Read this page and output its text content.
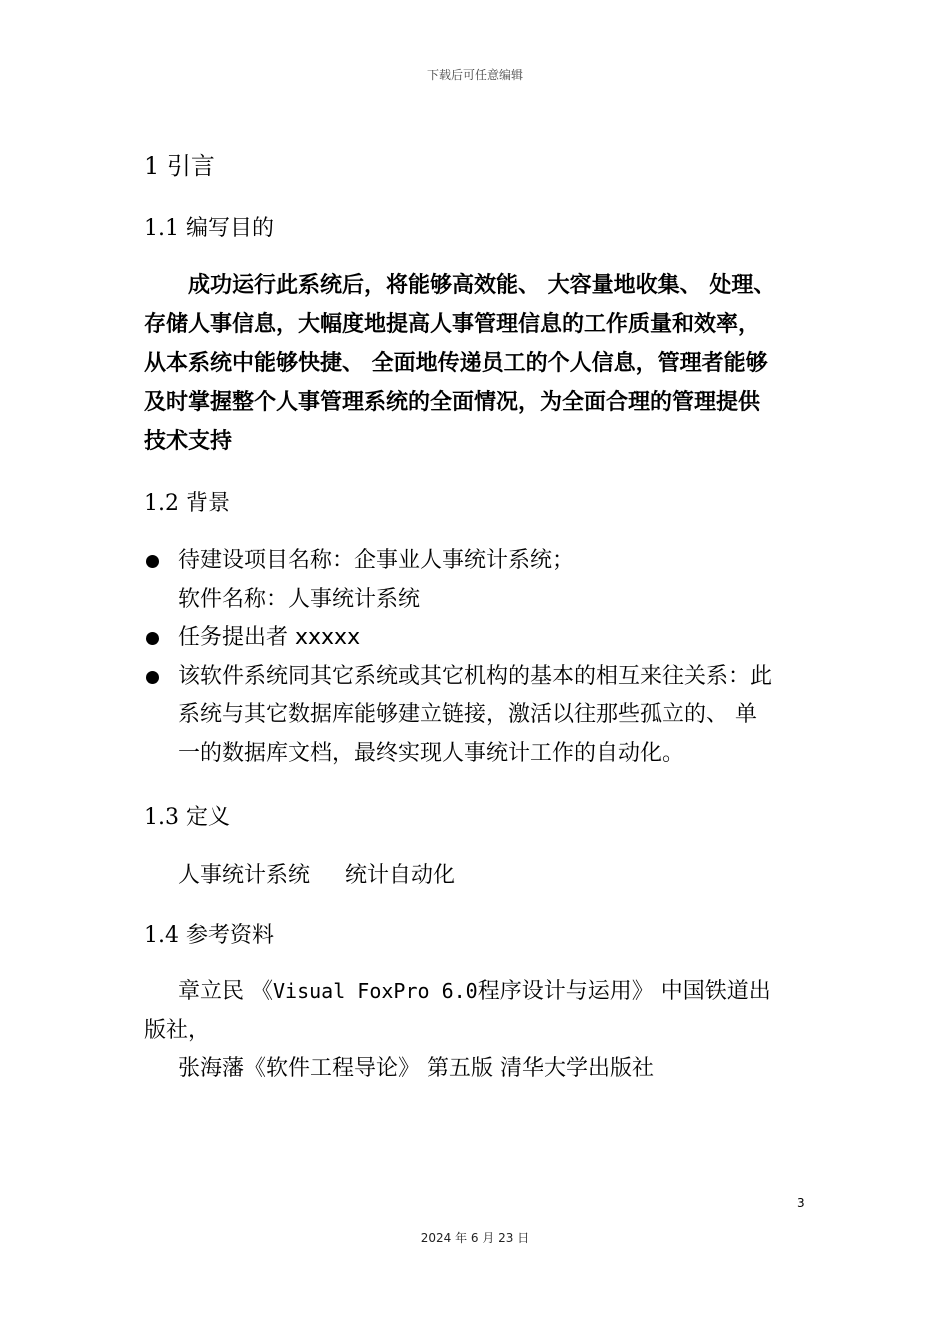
下载后可任意编辑
1 引言
1.1 编写目的
成功运行此系统后，将能够高效能、 大容量地收集、 处理、
存储人事信息，大幅度地提高人事管理信息的工作质量和效率，
从本系统中能够快捷、 全面地传递员工的个人信息，管理者能够
及时掌握整个人事管理系统的全面情况，为全面合理的管理提供
技术支持
1.2 背景
待建设项目名称：企事业人事统计系统；
软件名称：人事统计系统
任务提出者 xxxxx
该软件系统同其它系统或其它机构的基本的相互来往关系：此
系统与其它数据库能够建立链接，激活以往那些孤立的、 单
一的数据库文档，最终实现人事统计工作的自动化。
1.3 定义
人事统计系统     统计自动化
1.4 参考资料
章立民 《Visual FoxPro 6.0程序设计与运用》 中国铁道出
版社，
张海藩《软件工程导论》 第五版 清华大学出版社
3
2024 年 6 月 23 日
